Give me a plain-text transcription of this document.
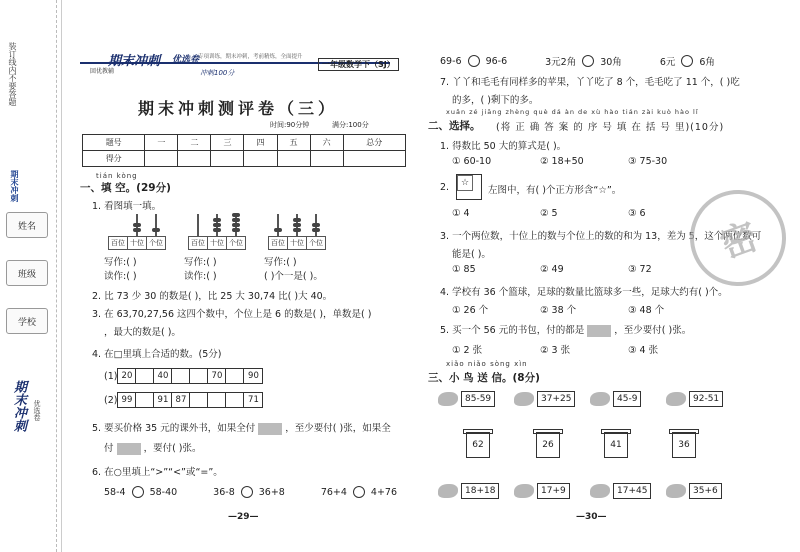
装订线内不要答题
期末冲刺
姓名
班级
学校
期末冲刺 优选卷
期末冲刺 优选卷
回优教辅
专项训练，期末冲刺，考前精炼，全面提升
冲刺100分
一年级数学下（SJ）
期末冲刺测评卷（三）
时间:90分钟	满分:100分
题号	一	二	三	四	五	六	总分
得分							
tián kòng
一、填 空。(29分)
1. 看图填一填。
百位 十位 个位
写作:( )
读作:( )
百位 十位 个位
写作:( )
读作:( )
百位 十位 个位
写作:( )
( )个一是( )。
2. 比 73 少 30 的数是( )，比 25 大 30,74 比( )大 40。
3. 在 63,70,27,56 这四个数中，个位上是 6 的数是( )，单数是( )
，最大的数是( )。
4. 在□里填上合适的数。(5分)
(1) 20	40	70	90
(2) 99	91 87	71
5. 要买价格 35 元的课外书，如果全付	，至少要付( )张，如果全
付	，要付( )张。
6. 在○里填上“>”“<”或“=”。
58-4	58-40	36-8	36+8	76+4	4+76
—29—
69-6	96-6	3元2角	30角	6元	6角
7. 丫丫和毛毛有同样多的苹果，丫丫吃了 8 个，毛毛吃了 11 个，( )吃
的多，( )剩下的多。
xuǎn zé jiāng zhèng què dá àn de xù hào tián zài kuò hào lǐ
二、选择。 (将 正 确 答 案 的 序 号 填 在 括 号 里)(10分)
1. 得数比 50 大的算式是( )。
① 60-10	② 18+50	③ 75-30
2.	☆
左图中，有( )个正方形含“☆”。
① 4	② 5	③ 6
3. 一个两位数，十位上的数与个位上的数的和为 13，差为 5，这个两位数可
能是( )。
① 85	② 49	③ 72
4. 学校有 36 个篮球，足球的数量比篮球多一些，足球大约有( )个。
① 26 个	② 38 个	③ 48 个
5. 买一个 56 元的书包，付的都是	，至少要付( )张。
① 2 张	② 3 张	③ 4 张
xiǎo niǎo sòng xìn
三、小 鸟 送 信。(8分)
85-59	37+25	45-9	92-51
62	26	41	36
18+18	17+9	17+45	35+6
密
—30—
